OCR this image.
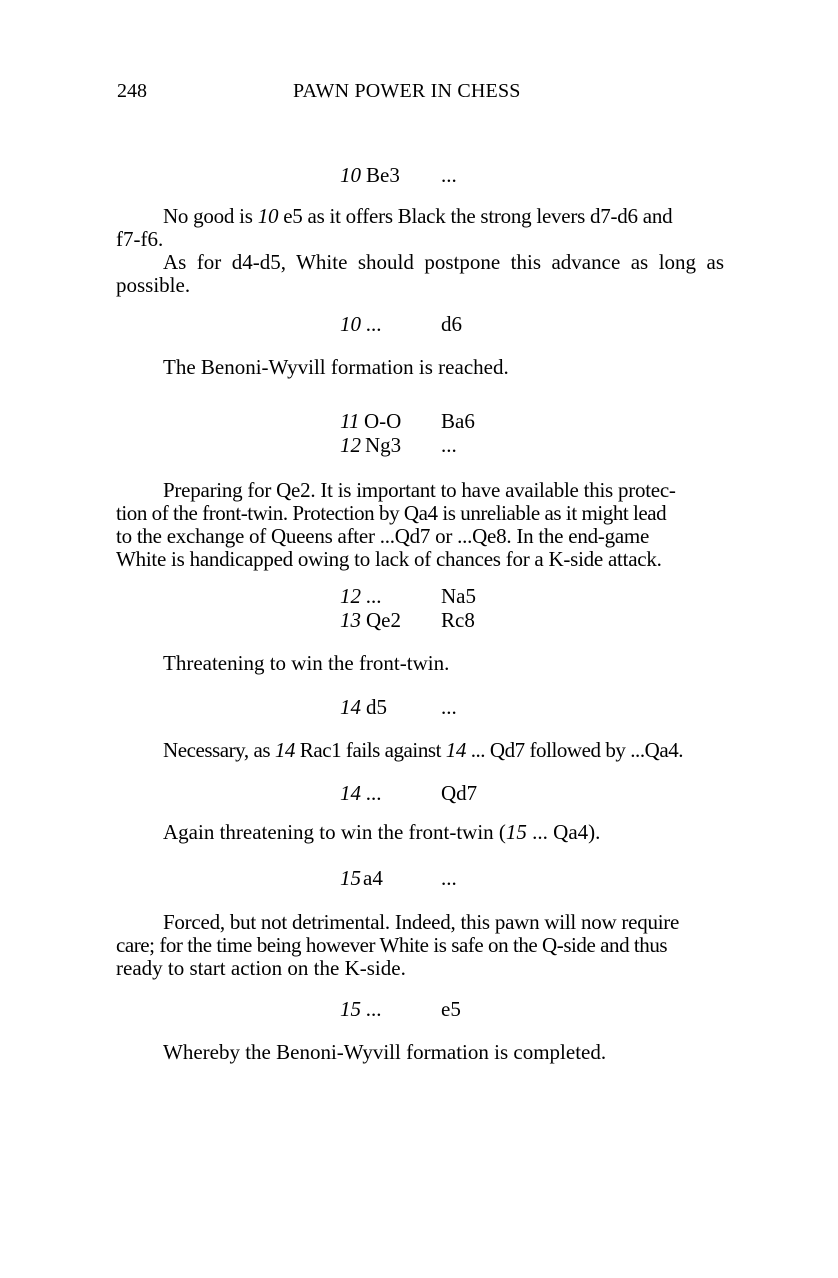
248	PAWN POWER IN CHESS
10 Be3 ...

No good is 10 e5 as it offers Black the strong levers d7-d6 and
f7-f6.

As for d4-d5, White should postpone this advance as long as
possible.

10 ...	d6

The Benoni-Wyvill formation is reached.

11 O-O Ba6
12 Ng3 ...

Preparing for Qe2. It is important to have available this protec-
tion of the front-twin. Protection by Qa4 is unreliable as it might lead
to the exchange of Queens after ...Qd7 or ...Qe8. In the end-game
White is handicapped owing to lack of chances for a K-side attack.

12 ...	Na5
13 Qe2 Rc8

Threatening to win the front-twin.

14 d5	...

Necessary, as 14 Rac1 fails against 14 ... Qd7 followed by ...Qa4.

14 ...	Qd7

Again threatening to win the front-twin (15 ... Qa4).

15 a4	...

Forced, but not detrimental. Indeed, this pawn will now require
care; for the time being however White is safe on the Q-side and thus
ready to start action on the K-side.

15 ...	e5

Whereby the Benoni-Wyvill formation is completed.
